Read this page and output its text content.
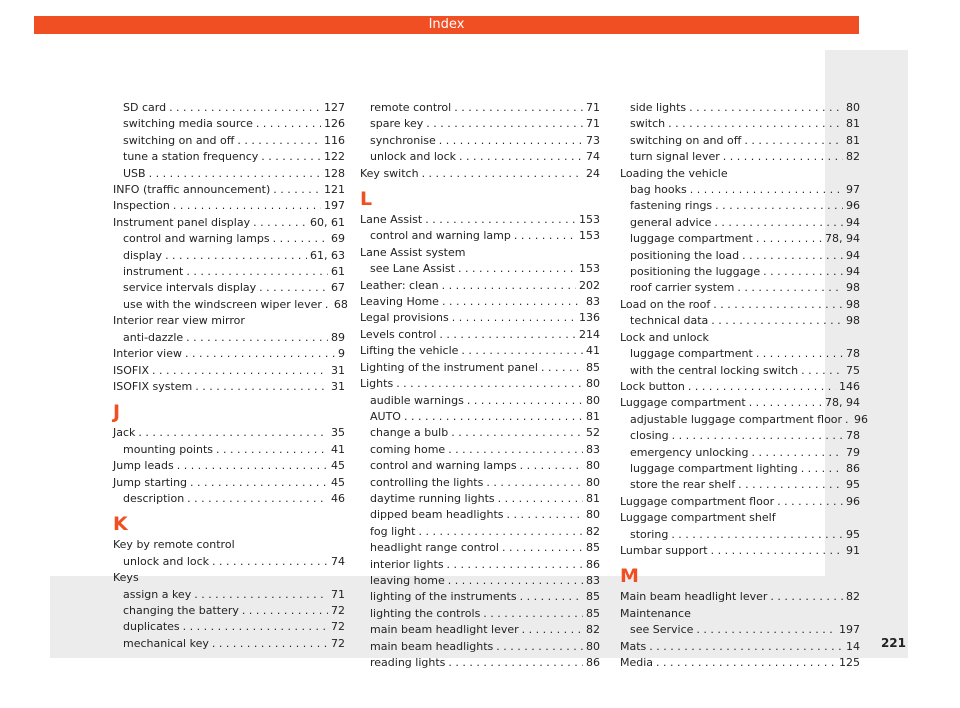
Index
SD card . . .	127
switching media source . . .	126
switching on and off . . .	116
tune a station frequency . . .	122
USB . . .	128
INFO (traffic announcement) . . .	121
Inspection . . .	197
Instrument panel display . . .	60, 61
control and warning lamps . . .	69
display . . .	61, 63
instrument . . .	61
service intervals display . . .	67
use with the windscreen wiper lever . . . 68
Interior rear view mirror
anti-dazzle . . .	89
Interior view . . .	9
ISOFIX . . .	31
ISOFIX system . . .	31
J
Jack . . .	35
mounting points . . .	41
Jump leads . . .	45
Jump starting . . .	45
description . . .	46
K
Key by remote control
unlock and lock . . .	74
Keys
assign a key . . .	71
changing the battery . . .	72
duplicates . . .	72
mechanical key . . .	72
remote control . . .	71
spare key . . .	71
synchronise . . .	73
unlock and lock . . .	74
Key switch . . .	24
L
Lane Assist . . .	153
control and warning lamp . . .	153
Lane Assist system
see Lane Assist . . .	153
Leather: clean . . .	202
Leaving Home . . .	83
Legal provisions . . .	136
Levels control . . .	214
Lifting the vehicle . . .	41
Lighting of the instrument panel . . .	85
Lights . . .	80
audible warnings . . .	80
AUTO . . .	81
change a bulb . . .	52
coming home . . .	83
control and warning lamps . . .	80
controlling the lights . . .	80
daytime running lights . . .	81
dipped beam headlights . . .	80
fog light . . .	82
headlight range control . . .	85
interior lights . . .	86
leaving home . . .	83
lighting of the instruments . . .	85
lighting the controls . . .	85
main beam headlight lever . . .	82
main beam headlights . . .	80
reading lights . . .	86
side lights . . .	80
switch . . .	81
switching on and off . . .	81
turn signal lever . . .	82
Loading the vehicle
bag hooks . . .	97
fastening rings . . .	96
general advice . . .	94
luggage compartment . . .	78, 94
positioning the load . . .	94
positioning the luggage . . .	94
roof carrier system . . .	98
Load on the roof . . .	98
technical data . . .	98
Lock and unlock
luggage compartment . . .	78
with the central locking switch . . .	75
Lock button . . .	146
Luggage compartment . . .	78, 94
adjustable luggage compartment floor . . . 96
closing . . .	78
emergency unlocking . . .	79
luggage compartment lighting . . .	86
store the rear shelf . . .	95
Luggage compartment floor . . .	96
Luggage compartment shelf
storing . . .	95
Lumbar support . . .	91
M
Main beam headlight lever . . .	82
Maintenance
see Service . . .	197
Mats . . .	14
Media . . .	125
221
